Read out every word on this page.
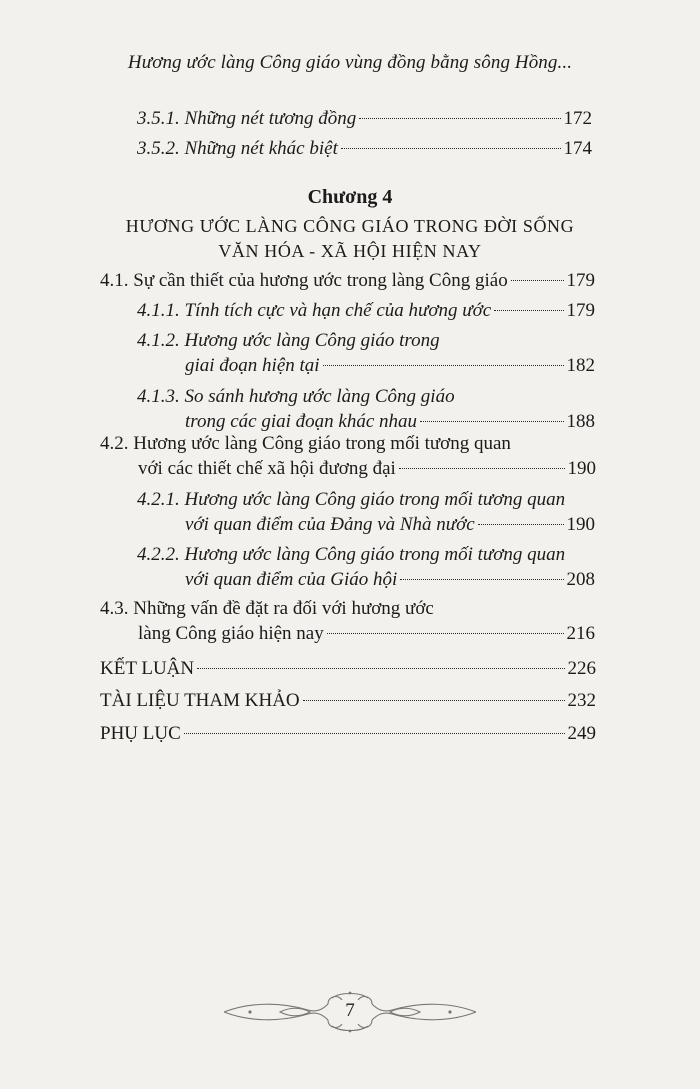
Hương ước làng Công giáo vùng đồng bằng sông Hồng...
3.5.1. Những nét tương đồng	172
3.5.2. Những nét khác biệt	174
Chương 4
HƯƠNG ƯỚC LÀNG CÔNG GIÁO TRONG ĐỜI SỐNG
VĂN HÓA - XÃ HỘI HIỆN NAY
4.1. Sự cần thiết của hương ước trong làng Công giáo	179
4.1.1. Tính tích cực và hạn chế của hương ước	179
4.1.2. Hương ước làng Công giáo trong
giai đoạn hiện tại	182
4.1.3. So sánh hương ước làng Công giáo
trong các giai đoạn khác nhau	188
4.2. Hương ước làng Công giáo trong mối tương quan
với các thiết chế xã hội đương đại	190
4.2.1. Hương ước làng Công giáo trong mối tương quan
với quan điểm của Đảng và Nhà nước	190
4.2.2. Hương ước làng Công giáo trong mối tương quan
với quan điểm của Giáo hội	208
4.3. Những vấn đề đặt ra đối với hương ước
làng Công giáo hiện nay	216
KẾT LUẬN	226
TÀI LIỆU THAM KHẢO	232
PHỤ LỤC	249
7
